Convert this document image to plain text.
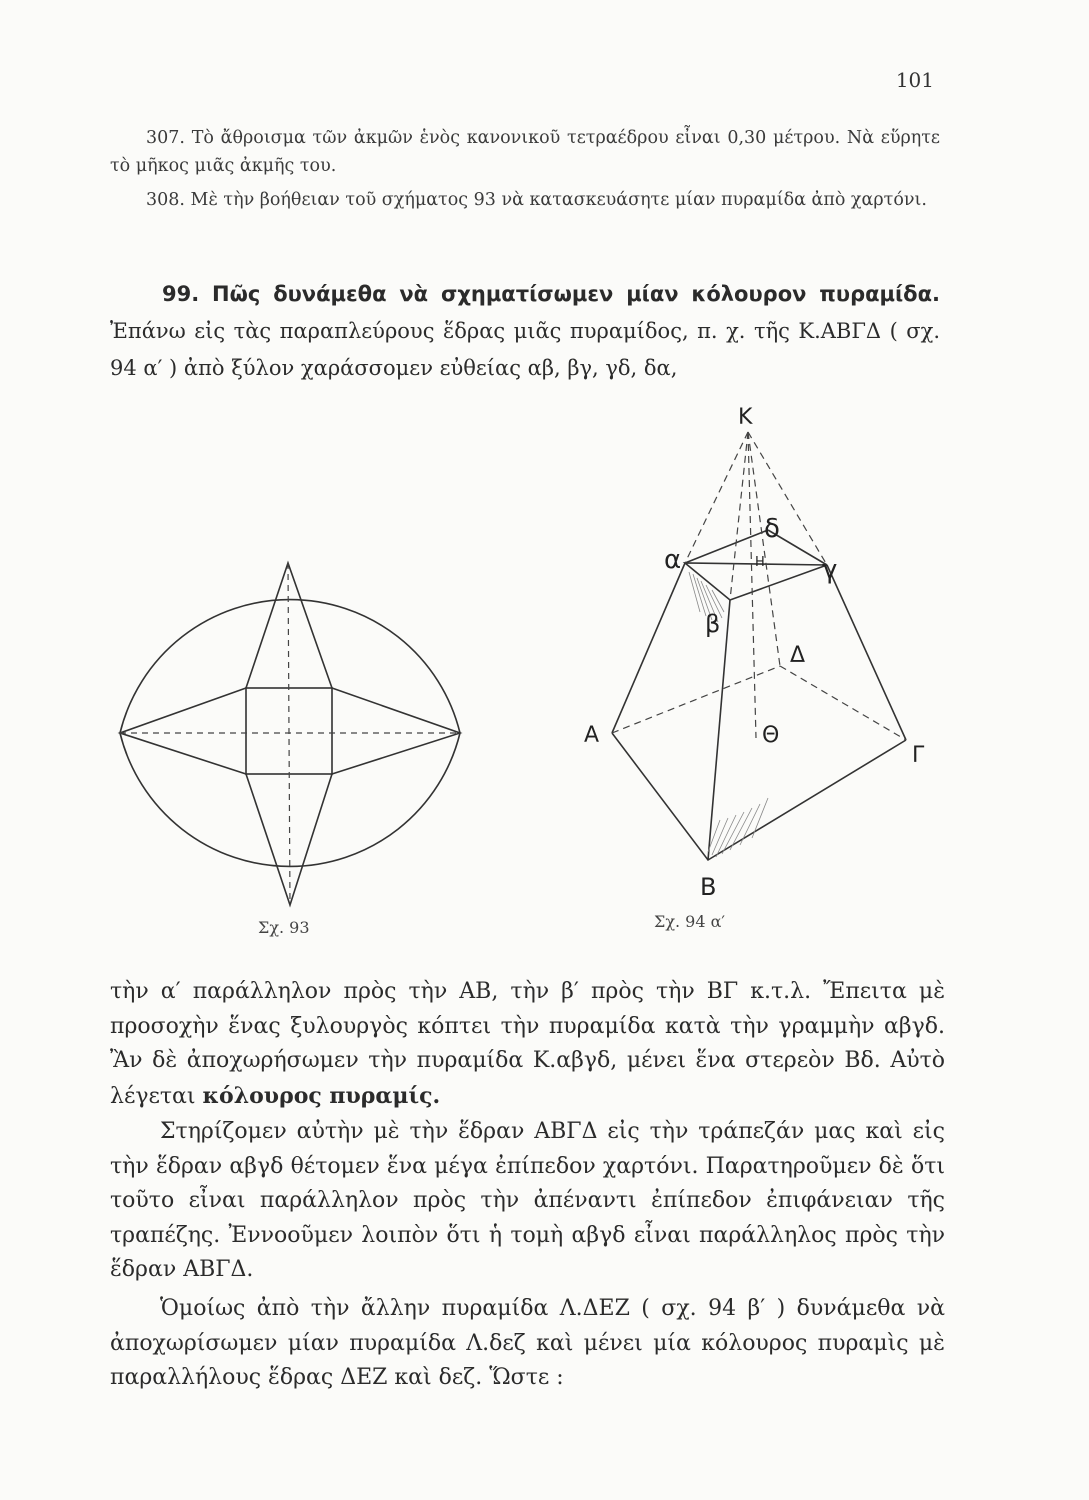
101

307. Τὸ ἄθροισμα τῶν ἀκμῶν ἑνὸς κανονικοῦ τετραέδρου εἶναι 0,30 μέτρου. Νὰ εὕρητε τὸ μῆκος μιᾶς ἀκμῆς του.

308. Μὲ τὴν βοήθειαν τοῦ σχήματος 93 νὰ κατασκευάσητε μίαν πυραμίδα ἀπὸ χαρτόνι.

99. Πῶς δυνάμεθα νὰ σχηματίσωμεν μίαν κόλουρον πυραμίδα. Ἐπάνω εἰς τὰς παραπλεύρους ἕδρας μιᾶς πυραμίδος, π. χ. τῆς Κ.ΑΒΓΔ ( σχ. 94 α′ ) ἀπὸ ξύλον χαράσσομεν εὐθείας αβ, βγ, γδ, δα,

Σχ. 93
Κ
Α
Β
Γ
Δ
α
β
γ
δ
Η
Θ
Σχ. 94 α′

τὴν α′ παράλληλον πρὸς τὴν ΑΒ, τὴν β′ πρὸς τὴν ΒΓ κ.τ.λ. Ἔπειτα μὲ προσοχὴν ἕνας ξυλουργὸς κόπτει τὴν πυραμίδα κατὰ τὴν γραμμὴν αβγδ. Ἂν δὲ ἀποχωρήσωμεν τὴν πυραμίδα Κ.αβγδ, μένει ἕνα στερεὸν Βδ. Αὐτὸ λέγεται κόλουρος πυραμίς.

Στηρίζομεν αὐτὴν μὲ τὴν ἕδραν ΑΒΓΔ εἰς τὴν τράπεζάν μας καὶ εἰς τὴν ἕδραν αβγδ θέτομεν ἕνα μέγα ἐπίπεδον χαρτόνι. Παρατηροῦμεν δὲ ὅτι τοῦτο εἶναι παράλληλον πρὸς τὴν ἀπέναντι ἐπίπεδον ἐπιφάνειαν τῆς τραπέζης. Ἐννοοῦμεν λοιπὸν ὅτι ἡ τομὴ αβγδ εἶναι παράλληλος πρὸς τὴν ἕδραν ΑΒΓΔ.

Ὁμοίως ἀπὸ τὴν ἄλλην πυραμίδα Λ.ΔΕΖ ( σχ. 94 β′ ) δυνάμεθα νὰ ἀποχωρίσωμεν μίαν πυραμίδα Λ.δεζ καὶ μένει μία κόλουρος πυραμὶς μὲ παραλλήλους ἕδρας ΔΕΖ καὶ δεζ. Ὥστε :
